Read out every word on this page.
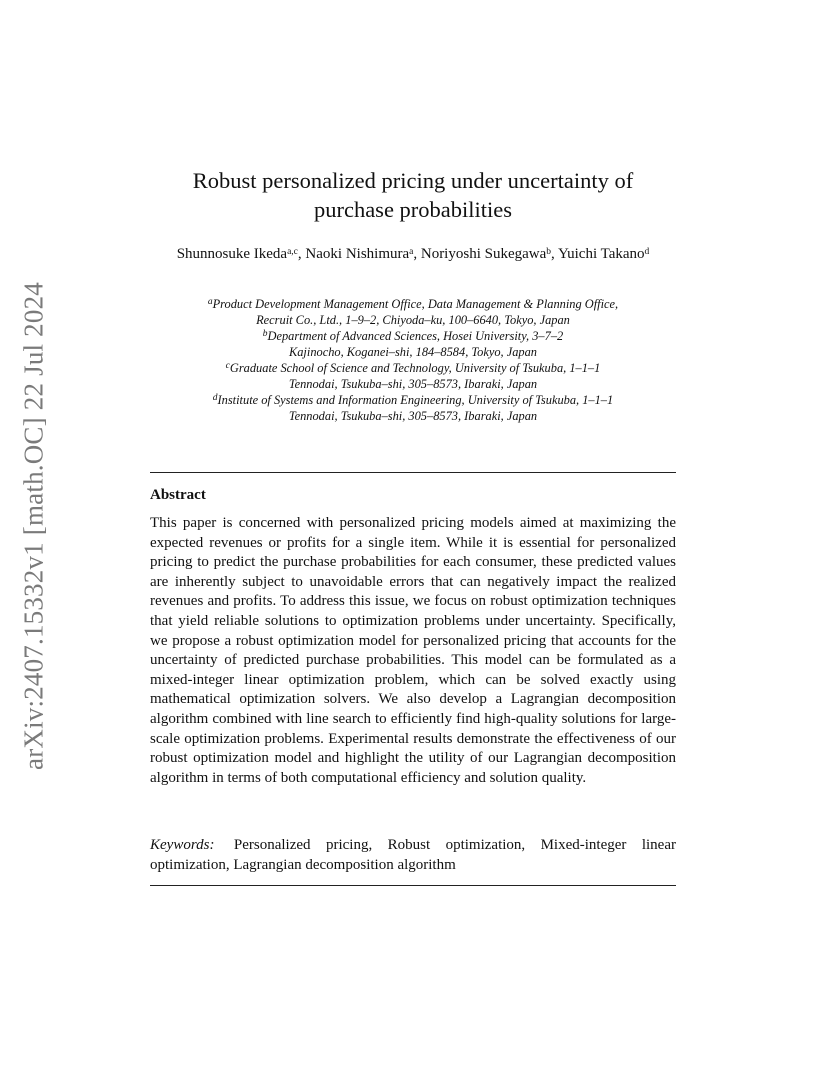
arXiv:2407.15332v1 [math.OC] 22 Jul 2024
Robust personalized pricing under uncertainty of purchase probabilities
Shunnosuke Ikeda$^{a,c}$, Naoki Nishimura$^a$, Noriyoshi Sukegawa$^b$, Yuichi Takano$^d$
$^a$Product Development Management Office, Data Management & Planning Office,
Recruit Co., Ltd., 1–9–2, Chiyoda–ku, 100–6640, Tokyo, Japan
$^b$Department of Advanced Sciences, Hosei University, 3–7–2
Kajinocho, Koganei–shi, 184–8584, Tokyo, Japan
$^c$Graduate School of Science and Technology, University of Tsukuba, 1–1–1
Tennodai, Tsukuba–shi, 305–8573, Ibaraki, Japan
$^d$Institute of Systems and Information Engineering, University of Tsukuba, 1–1–1
Tennodai, Tsukuba–shi, 305–8573, Ibaraki, Japan
Abstract
This paper is concerned with personalized pricing models aimed at maximizing the expected revenues or profits for a single item. While it is essential for personalized pricing to predict the purchase probabilities for each consumer, these predicted values are inherently subject to unavoidable errors that can negatively impact the realized revenues and profits. To address this issue, we focus on robust optimization techniques that yield reliable solutions to optimization problems under uncertainty. Specifically, we propose a robust optimization model for personalized pricing that accounts for the uncertainty of predicted purchase probabilities. This model can be formulated as a mixed-integer linear optimization problem, which can be solved exactly using mathematical optimization solvers. We also develop a Lagrangian decomposition algorithm combined with line search to efficiently find high-quality solutions for large-scale optimization problems. Experimental results demonstrate the effectiveness of our robust optimization model and highlight the utility of our Lagrangian decomposition algorithm in terms of both computational efficiency and solution quality.
Keywords: Personalized pricing, Robust optimization, Mixed-integer linear optimization, Lagrangian decomposition algorithm
